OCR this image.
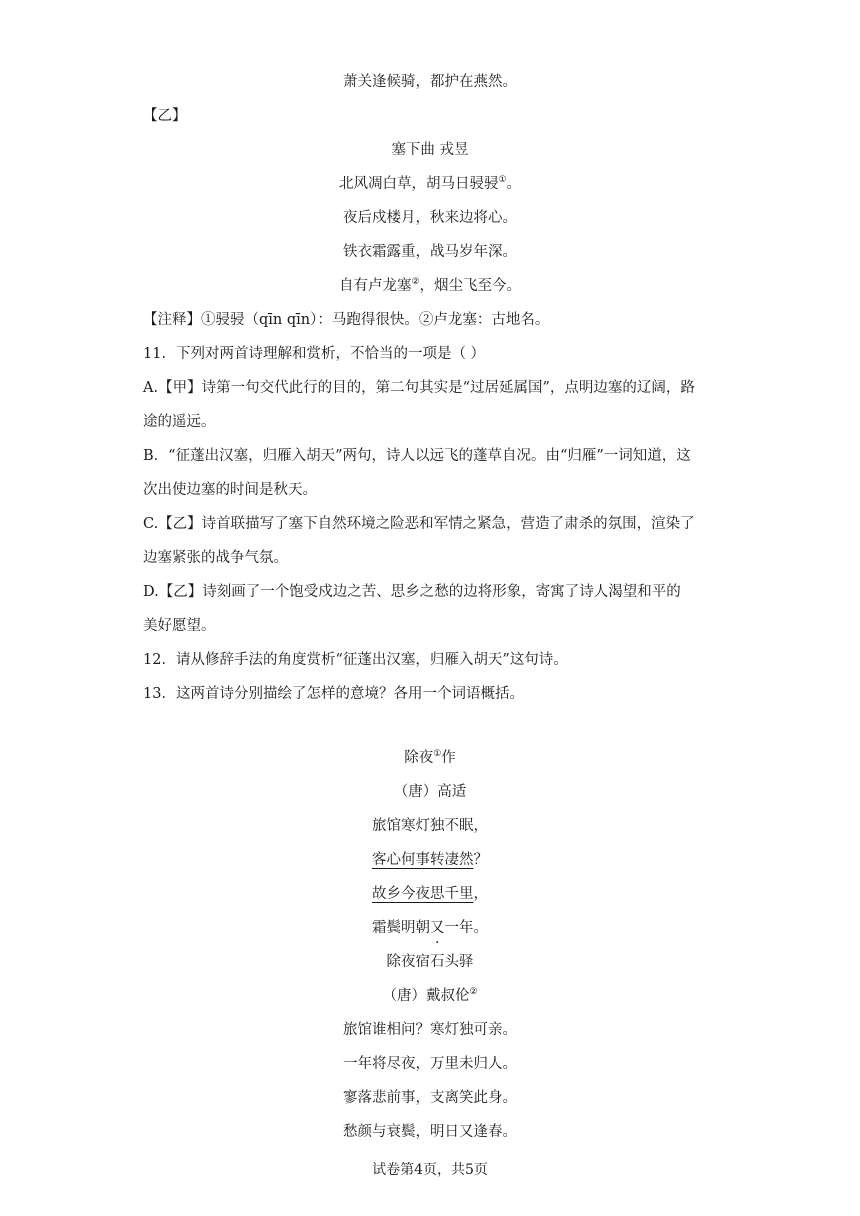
萧关逢候骑，都护在燕然。
【乙】
塞下曲 戎昱
北风凋白草，胡马日骎骎①。
夜后戍楼月，秋来边将心。
铁衣霜露重，战马岁年深。
自有卢龙塞②，烟尘飞至今。
【注释】①骎骎（qīn qīn）：马跑得很快。②卢龙塞：古地名。
11．下列对两首诗理解和赏析，不恰当的一项是（ ）
A.【甲】诗第一句交代此行的目的，第二句其实是“过居延属国”，点明边塞的辽阔，路
途的遥远。
B．“征蓬出汉塞，归雁入胡天”两句，诗人以远飞的蓬草自况。由“归雁”一词知道，这
次出使边塞的时间是秋天。
C.【乙】诗首联描写了塞下自然环境之险恶和军情之紧急，营造了肃杀的氛围，渲染了
边塞紧张的战争气氛。
D.【乙】诗刻画了一个饱受戍边之苦、思乡之愁的边将形象，寄寓了诗人渴望和平的
美好愿望。
12．请从修辞手法的角度赏析“征蓬出汉塞，归雁入胡天”这句诗。
13．这两首诗分别描绘了怎样的意境？各用一个词语概括。
除夜①作
（唐）高适
旅馆寒灯独不眠，
客心何事转凄然？
故乡今夜思千里，
霜鬓明朝又一年。
除夜宿石头驿
（唐）戴叔伦②
旅馆谁相问？寒灯独可亲。
一年将尽夜，万里未归人。
寥落悲前事，支离笑此身。
愁颜与衰鬓，明日又逢春。
试卷第4页，共5页
